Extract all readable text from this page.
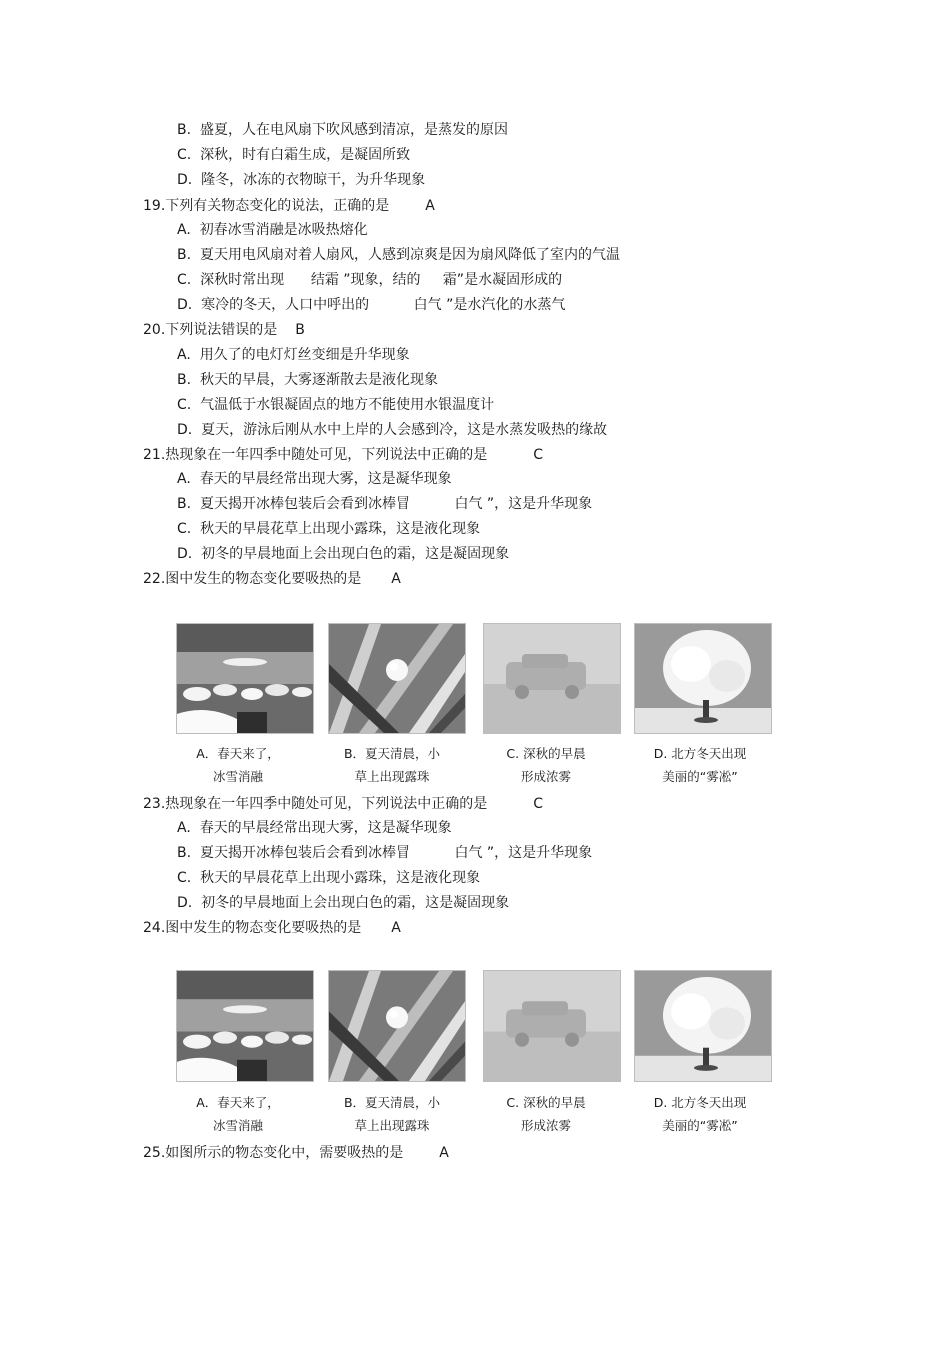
B. 盛夏，人在电风扇下吹风感到清凉，是蒸发的原因
C. 深秋，时有白霜生成，是凝固所致
D. 隆冬，冰冻的衣物晾干，为升华现象
19.下列有关物态变化的说法，正确的是	A
A. 初春冰雪消融是冰吸热熔化
B. 夏天用电风扇对着人扇风，人感到凉爽是因为扇风降低了室内的气温
C. 深秋时常出现 结霜 ”现象，结的 霜”是水凝固形成的
D. 寒冷的冬天，人口中呼出的	白气 ”是水汽化的水蒸气
20.下列说法错误的是 B
A. 用久了的电灯灯丝变细是升华现象
B. 秋天的早晨，大雾逐渐散去是液化现象
C. 气温低于水银凝固点的地方不能使用水银温度计
D. 夏天，游泳后刚从水中上岸的人会感到冷，这是水蒸发吸热的缘故
21.热现象在一年四季中随处可见，下列说法中正确的是	C
A. 春天的早晨经常出现大雾，这是凝华现象
B. 夏天揭开冰棒包装后会看到冰棒冒	白气 ”，这是升华现象
C. 秋天的早晨花草上出现小露珠，这是液化现象
D. 初冬的早晨地面上会出现白色的霜，这是凝固现象
22.图中发生的物态变化要吸热的是 A
A．春天来了，
冰雪消融
B．夏天清晨，小
草上出现露珠
C. 深秋的早晨
形成浓雾
D. 北方冬天出现
美丽的“雾凇”
23.热现象在一年四季中随处可见，下列说法中正确的是	C
A. 春天的早晨经常出现大雾，这是凝华现象
B. 夏天揭开冰棒包装后会看到冰棒冒	白气 ”，这是升华现象
C. 秋天的早晨花草上出现小露珠，这是液化现象
D. 初冬的早晨地面上会出现白色的霜，这是凝固现象
24.图中发生的物态变化要吸热的是 A
A．春天来了，
冰雪消融
B．夏天清晨，小
草上出现露珠
C. 深秋的早晨
形成浓雾
D. 北方冬天出现
美丽的“雾凇”
25.如图所示的物态变化中，需要吸热的是	A
